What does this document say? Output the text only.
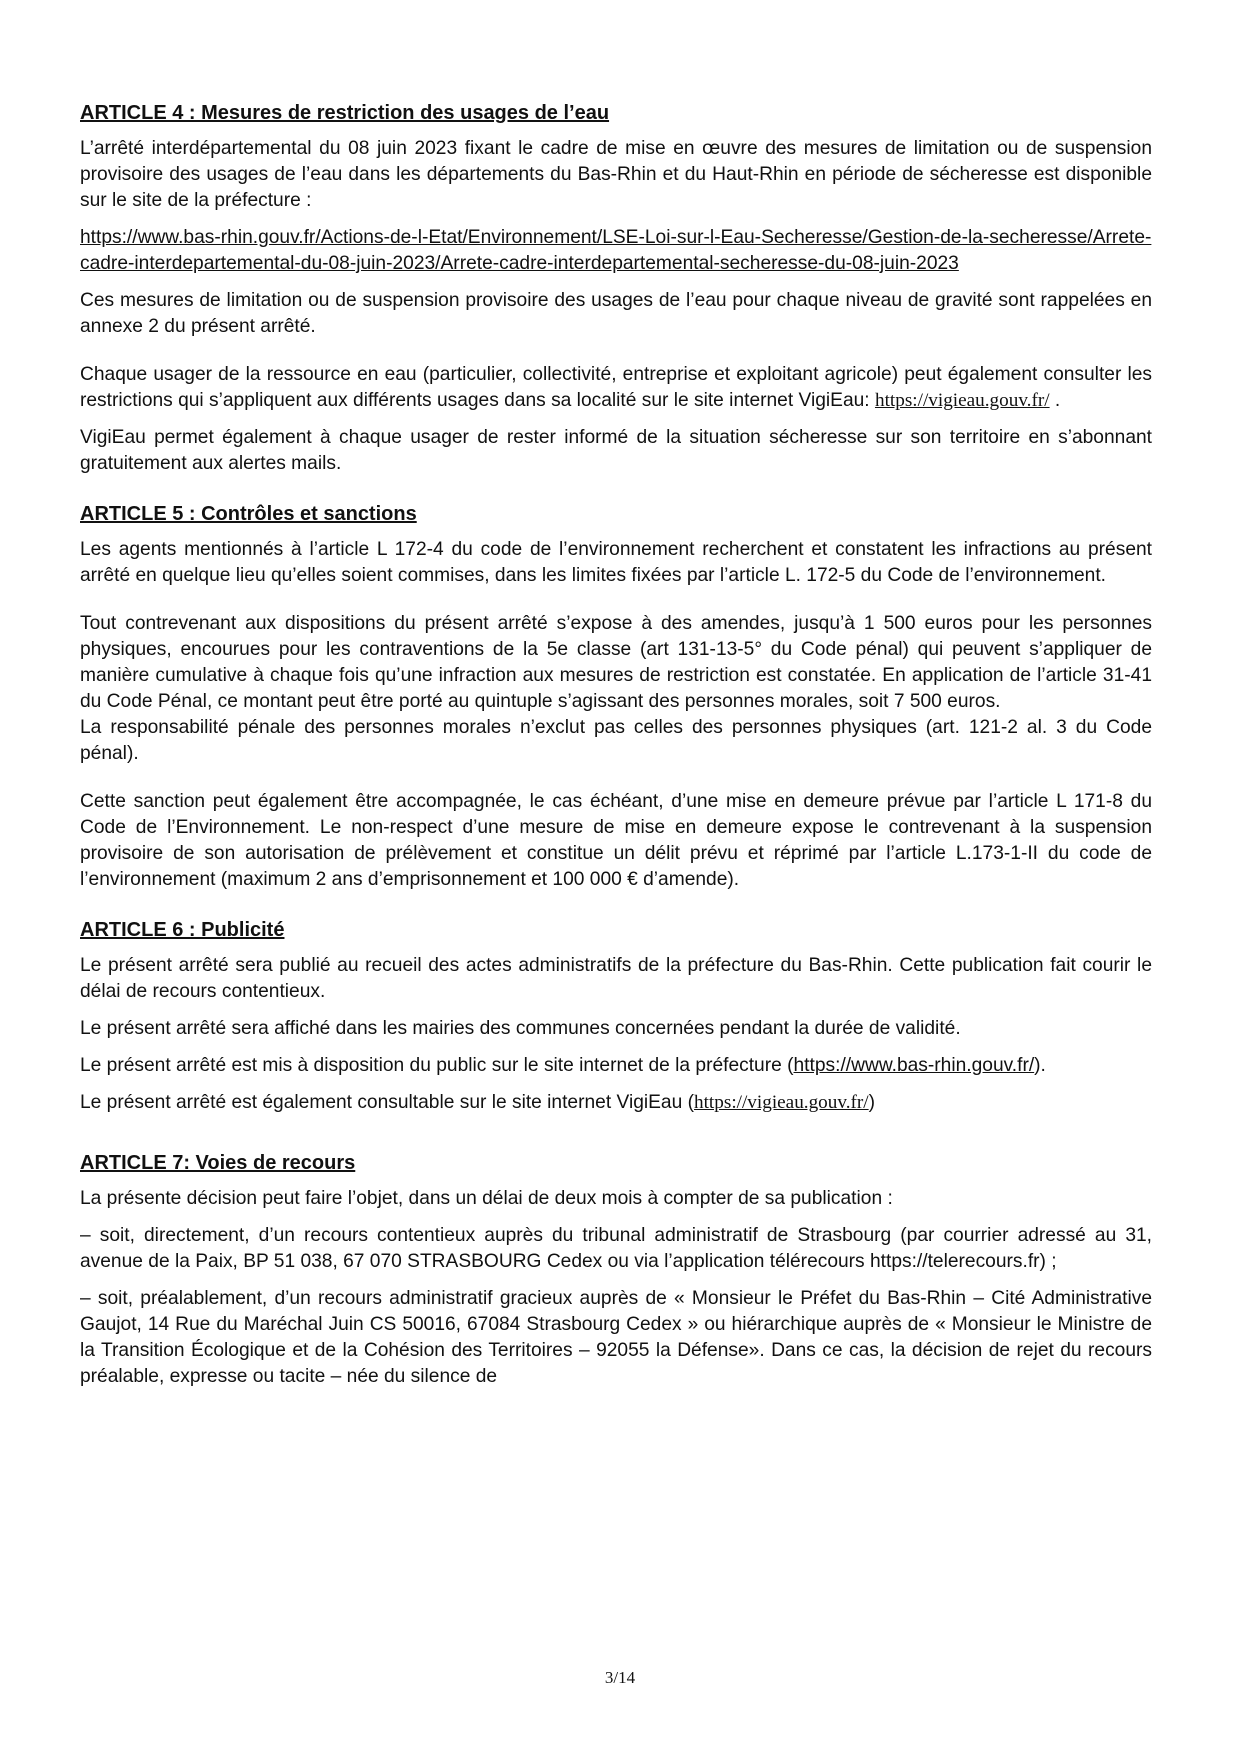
ARTICLE 4 : Mesures de restriction des usages de l’eau

L’arrêté interdépartemental du 08 juin 2023 fixant le cadre de mise en œuvre des mesures de limitation ou de suspension provisoire des usages de l’eau dans les départements du Bas-Rhin et du Haut-Rhin en période de sécheresse est disponible sur le site de la préfecture :

https://www.bas-rhin.gouv.fr/Actions-de-l-Etat/Environnement/LSE-Loi-sur-l-Eau-Secheresse/Gestion-de-la-secheresse/Arrete-cadre-interdepartemental-du-08-juin-2023/Arrete-cadre-interdepartemental-secheresse-du-08-juin-2023

Ces mesures de limitation ou de suspension provisoire des usages de l’eau pour chaque niveau de gravité sont rappelées en annexe 2 du présent arrêté.

Chaque usager de la ressource en eau (particulier, collectivité, entreprise et exploitant agricole) peut également consulter les restrictions qui s’appliquent aux différents usages dans sa localité sur le site internet VigiEau: https://vigieau.gouv.fr/ .

VigiEau permet également à chaque usager de rester informé de la situation sécheresse sur son territoire en s’abonnant gratuitement aux alertes mails.

ARTICLE 5 : Contrôles et sanctions

Les agents mentionnés à l’article L 172-4 du code de l’environnement recherchent et constatent les infractions au présent arrêté en quelque lieu qu’elles soient commises, dans les limites fixées par l’article L. 172-5 du Code de l’environnement.

Tout contrevenant aux dispositions du présent arrêté s’expose à des amendes, jusqu’à 1 500 euros pour les personnes physiques, encourues pour les contraventions de la 5e classe (art 131-13-5° du Code pénal) qui peuvent s’appliquer de manière cumulative à chaque fois qu’une infraction aux mesures de restriction est constatée. En application de l’article 31-41 du Code Pénal, ce montant peut être porté au quintuple s’agissant des personnes morales, soit 7 500 euros.

La responsabilité pénale des personnes morales n’exclut pas celles des personnes physiques (art. 121-2 al. 3 du Code pénal).

Cette sanction peut également être accompagnée, le cas échéant, d’une mise en demeure prévue par l’article L 171-8 du Code de l’Environnement. Le non-respect d’une mesure de mise en demeure expose le contrevenant à la suspension provisoire de son autorisation de prélèvement et constitue un délit prévu et réprimé par l’article L.173-1-II du code de l’environnement (maximum 2 ans d’emprisonnement et 100 000 € d’amende).

ARTICLE 6 : Publicité

Le présent arrêté sera publié au recueil des actes administratifs de la préfecture du Bas-Rhin. Cette publication fait courir le délai de recours contentieux.

Le présent arrêté sera affiché dans les mairies des communes concernées pendant la durée de validité.

Le présent arrêté est mis à disposition du public sur le site internet de la préfecture (https://www.bas-rhin.gouv.fr/).

Le présent arrêté est également consultable sur le site internet VigiEau (https://vigieau.gouv.fr/)

ARTICLE 7: Voies de recours

La présente décision peut faire l’objet, dans un délai de deux mois à compter de sa publication :

– soit, directement, d’un recours contentieux auprès du tribunal administratif de Strasbourg (par courrier adressé au 31, avenue de la Paix, BP 51 038, 67 070 STRASBOURG Cedex ou via l’application télérecours https://telerecours.fr) ;

– soit, préalablement, d’un recours administratif gracieux auprès de « Monsieur le Préfet du Bas-Rhin – Cité Administrative Gaujot, 14 Rue du Maréchal Juin CS 50016, 67084 Strasbourg Cedex » ou hiérarchique auprès de « Monsieur le Ministre de la Transition Écologique et de la Cohésion des Territoires – 92055 la Défense». Dans ce cas, la décision de rejet du recours préalable, expresse ou tacite – née du silence de

3/14
